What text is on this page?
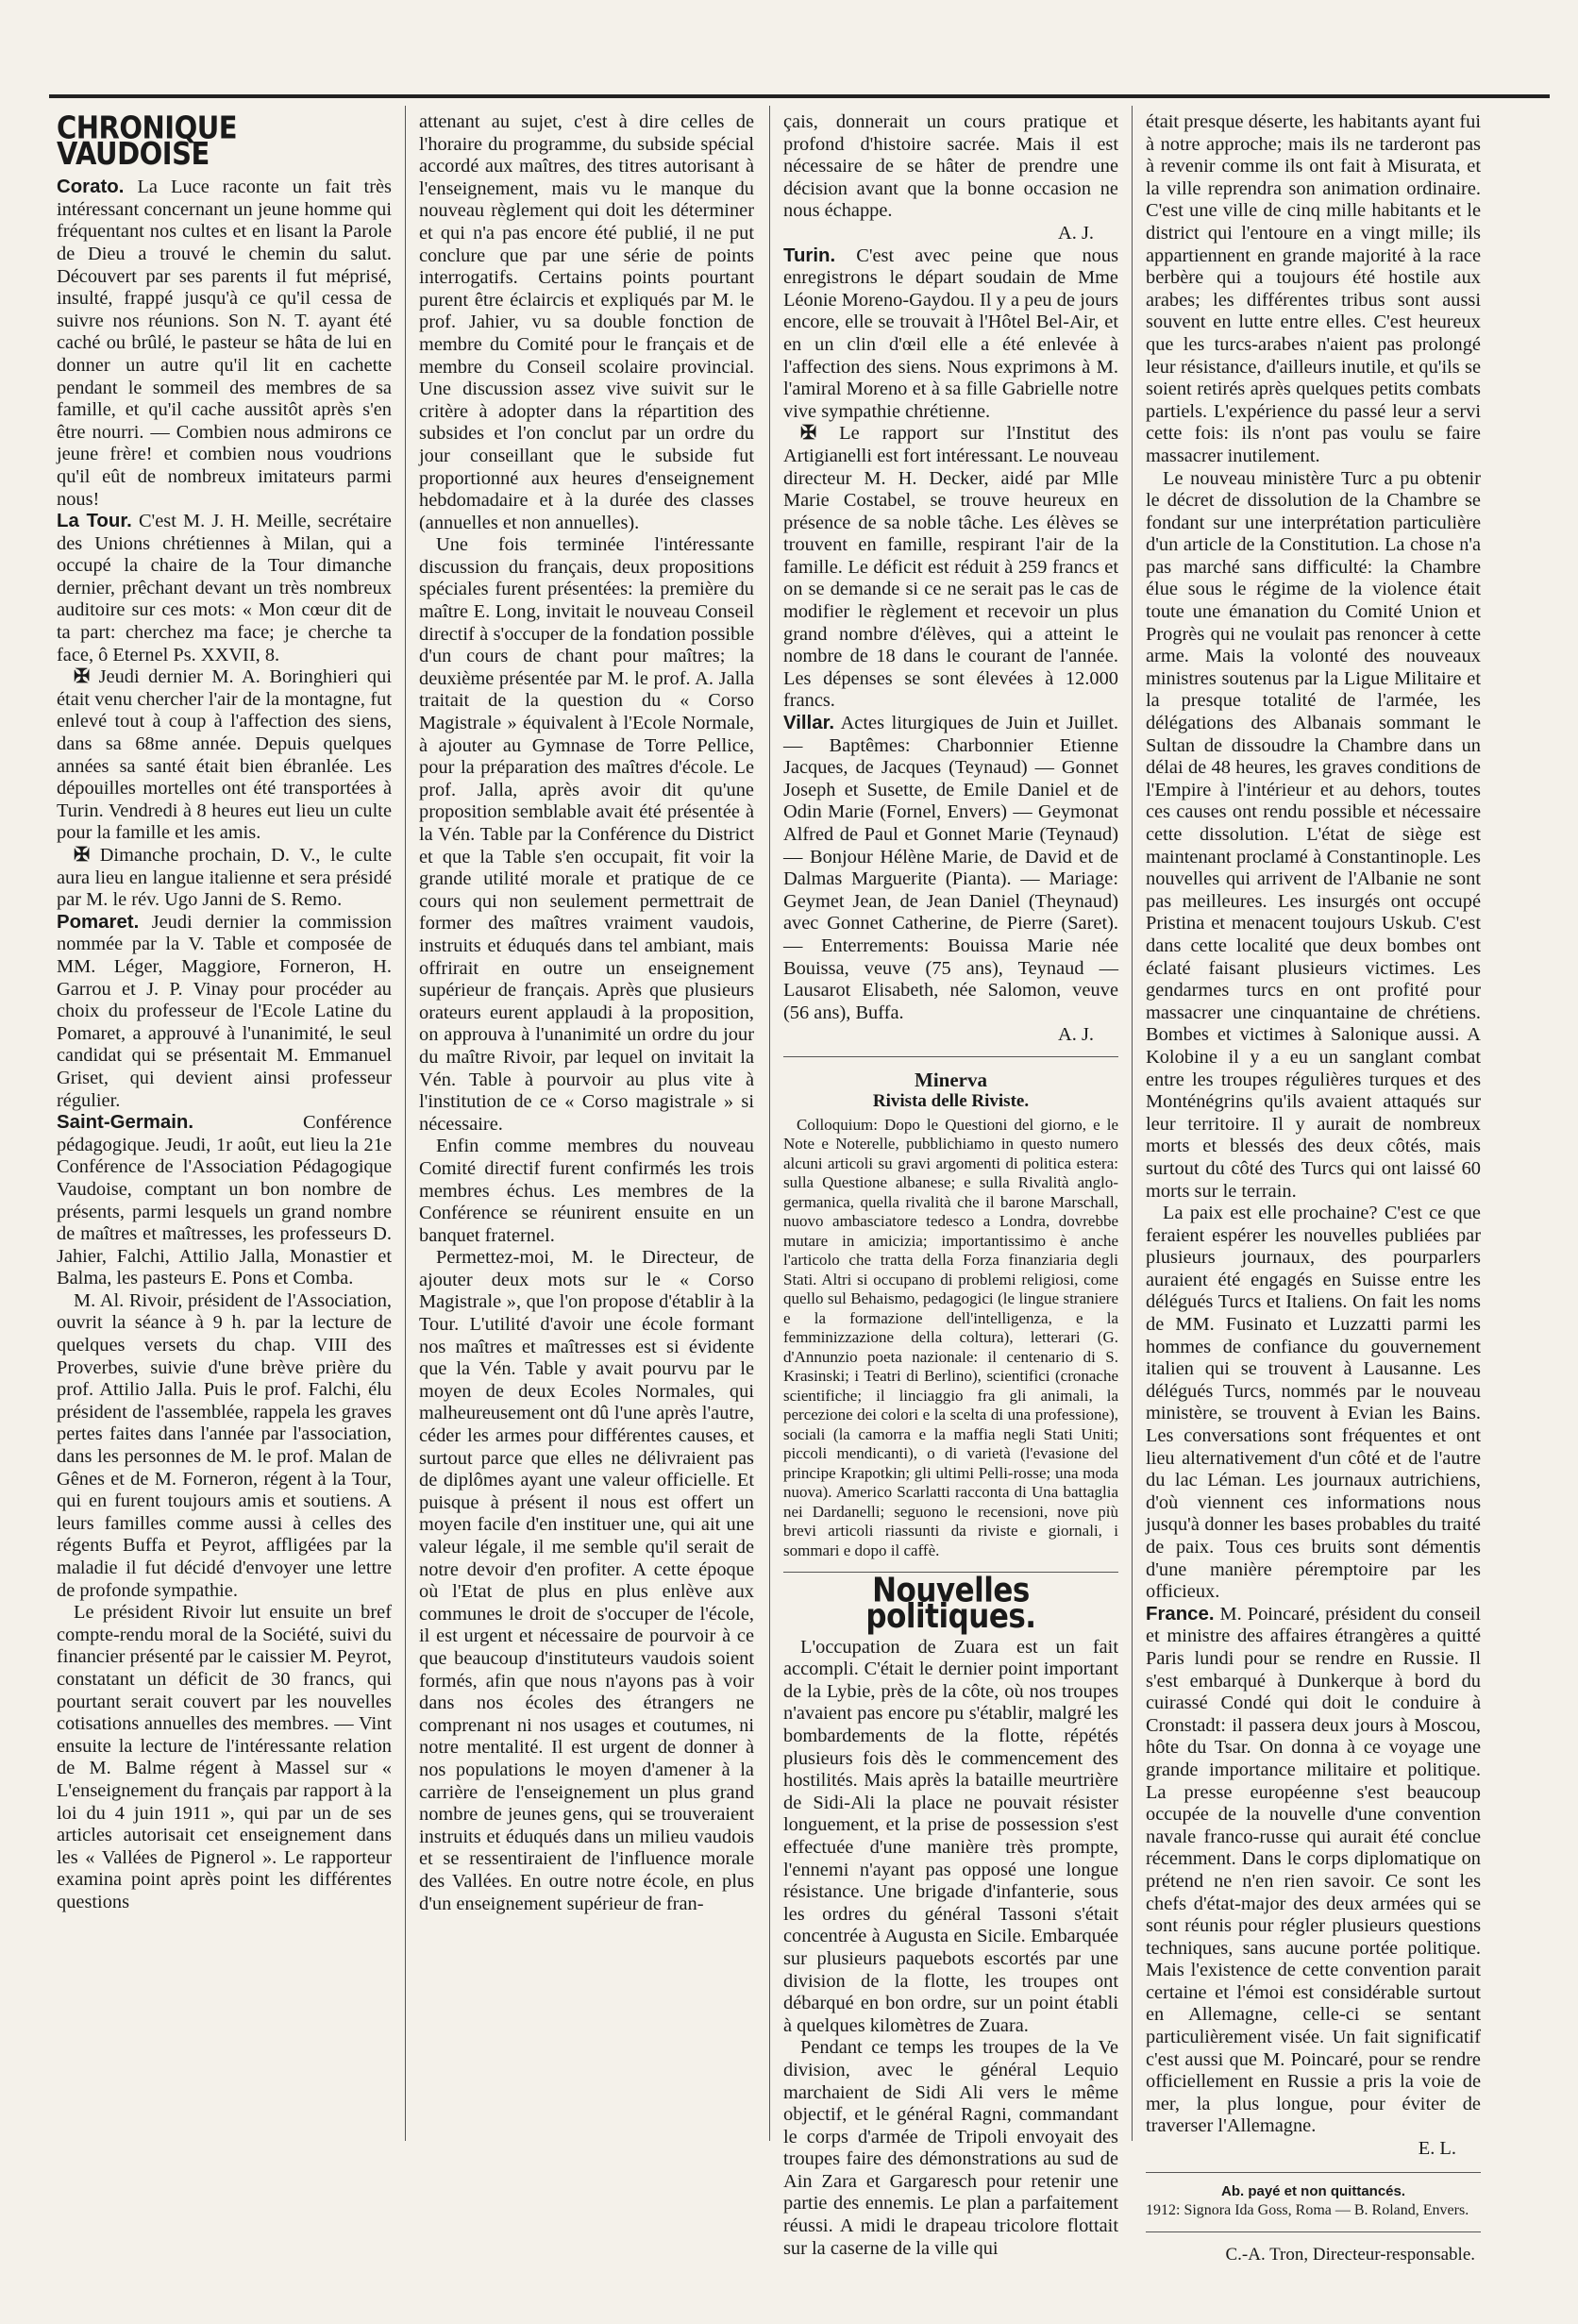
CHRONIQUE VAUDOISE

Corato. La Luce raconte un fait très intéressant concernant un jeune homme qui fréquentant nos cultes et en lisant la Parole de Dieu a trouvé le chemin du salut. Découvert par ses parents il fut méprisé, insulté, frappé jusqu'à ce qu'il cessa de suivre nos réunions. Son N. T. ayant été caché ou brûlé, le pasteur se hâta de lui en donner un autre qu'il lit en cachette pendant le sommeil des membres de sa famille, et qu'il cache aussitôt après s'en être nourri. — Combien nous admirons ce jeune frère! et combien nous voudrions qu'il eût de nombreux imitateurs parmi nous!

La Tour. C'est M. J. H. Meille, secrétaire des Unions chrétiennes à Milan, qui a occupé la chaire de la Tour dimanche dernier, prêchant devant un très nombreux auditoire sur ces mots: « Mon cœur dit de ta part: cherchez ma face; je cherche ta face, ô Eternel Ps. XXVII, 8.

✠ Jeudi dernier M. A. Boringhieri qui était venu chercher l'air de la montagne, fut enlevé tout à coup à l'affection des siens, dans sa 68me année. Depuis quelques années sa santé était bien ébranlée. Les dépouilles mortelles ont été transportées à Turin. Vendredi à 8 heures eut lieu un culte pour la famille et les amis.

✠ Dimanche prochain, D. V., le culte aura lieu en langue italienne et sera présidé par M. le rév. Ugo Janni de S. Remo.

Pomaret. Jeudi dernier la commission nommée par la V. Table et composée de MM. Léger, Maggiore, Forneron, H. Garrou et J. P. Vinay pour procéder au choix du professeur de l'Ecole Latine du Pomaret, a approuvé à l'unanimité, le seul candidat qui se présentait M. Emmanuel Griset, qui devient ainsi professeur régulier.

Saint-Germain.	Conférence pédagogique. Jeudi, 1r août, eut lieu la 21e Conférence de l'Association Pédagogique Vaudoise, comptant un bon nombre de présents, parmi lesquels un grand nombre de maîtres et maîtresses, les professeurs D. Jahier, Falchi, Attilio Jalla, Monastier et Balma, les pasteurs E. Pons et Comba.

M. Al. Rivoir, président de l'Association, ouvrit la séance à 9 h. par la lecture de quelques versets du chap. VIII des Proverbes, suivie d'une brève prière du prof. Attilio Jalla. Puis le prof. Falchi, élu président de l'assemblée, rappela les graves pertes faites dans l'année par l'association, dans les personnes de M. le prof. Malan de Gênes et de M. Forneron, régent à la Tour, qui en furent toujours amis et soutiens. A leurs familles comme aussi à celles des régents Buffa et Peyrot, affligées par la maladie il fut décidé d'envoyer une lettre de profonde sympathie.

Le président Rivoir lut ensuite un bref compte-rendu moral de la Société, suivi du financier présenté par le caissier M. Peyrot, constatant un déficit de 30 francs, qui pourtant serait couvert par les nouvelles cotisations annuelles des membres. — Vint ensuite la lecture de l'intéressante relation de M. Balme régent à Massel sur « L'enseignement du français par rapport à la loi du 4 juin 1911 », qui par un de ses articles autorisait cet enseignement dans les « Vallées de Pignerol ». Le rapporteur examina point après point les différentes questions

attenant au sujet, c'est à dire celles de l'horaire du programme, du subside spécial accordé aux maîtres, des titres autorisant à l'enseignement, mais vu le manque du nouveau règlement qui doit les déterminer et qui n'a pas encore été publié, il ne put conclure que par une série de points interrogatifs. Certains points pourtant purent être éclaircis et expliqués par M. le prof. Jahier, vu sa double fonction de membre du Comité pour le français et de membre du Conseil scolaire provincial. Une discussion assez vive suivit sur le critère à adopter dans la répartition des subsides et l'on conclut par un ordre du jour conseillant que le subside fut proportionné aux heures d'enseignement hebdomadaire et à la durée des classes (annuelles et non annuelles).

Une fois terminée l'intéressante discussion du français, deux propositions spéciales furent présentées: la première du maître E. Long, invitait le nouveau Conseil directif à s'occuper de la fondation possible d'un cours de chant pour maîtres; la deuxième présentée par M. le prof. A. Jalla traitait de la question du « Corso Magistrale » équivalent à l'Ecole Normale, à ajouter au Gymnase de Torre Pellice, pour la préparation des maîtres d'école. Le prof. Jalla, après avoir dit qu'une proposition semblable avait été présentée à la Vén. Table par la Conférence du District et que la Table s'en occupait, fit voir la grande utilité morale et pratique de ce cours qui non seulement permettrait de former des maîtres vraiment vaudois, instruits et éduqués dans tel ambiant, mais offrirait en outre un enseignement supérieur de français. Après que plusieurs orateurs eurent applaudi à la proposition, on approuva à l'unanimité un ordre du jour du maître Rivoir, par lequel on invitait la Vén. Table à pourvoir au plus vite à l'institution de ce « Corso magistrale » si nécessaire.

Enfin comme membres du nouveau Comité directif furent confirmés les trois membres échus. Les membres de la Conférence se réunirent ensuite en un banquet fraternel.

Permettez-moi, M. le Directeur, de ajouter deux mots sur le « Corso Magistrale », que l'on propose d'établir à la Tour. L'utilité d'avoir une école formant nos maîtres et maîtresses est si évidente que la Vén. Table y avait pourvu par le moyen de deux Ecoles Normales, qui malheureusement ont dû l'une après l'autre, céder les armes pour différentes causes, et surtout parce que elles ne délivraient pas de diplômes ayant une valeur officielle. Et puisque à présent il nous est offert un moyen facile d'en instituer une, qui ait une valeur légale, il me semble qu'il serait de notre devoir d'en profiter. A cette époque où l'Etat de plus en plus enlève aux communes le droit de s'occuper de l'école, il est urgent et nécessaire de pourvoir à ce que beaucoup d'instituteurs vaudois soient formés, afin que nous n'ayons pas à voir dans nos écoles des étrangers ne comprenant ni nos usages et coutumes, ni notre mentalité. Il est urgent de donner à nos populations le moyen d'amener à la carrière de l'enseignement un plus grand nombre de jeunes gens, qui se trouveraient instruits et éduqués dans un milieu vaudois et se ressentiraient de l'influence morale des Vallées. En outre notre école, en plus d'un enseignement supérieur de fran-

çais, donnerait un cours pratique et profond d'histoire sacrée. Mais il est nécessaire de se hâter de prendre une décision avant que la bonne occasion ne nous échappe.

A. J.

Turin. C'est avec peine que nous enregistrons le départ soudain de Mme Léonie Moreno-Gaydou. Il y a peu de jours encore, elle se trouvait à l'Hôtel Bel-Air, et en un clin d'œil elle a été enlevée à l'affection des siens. Nous exprimons à M. l'amiral Moreno et à sa fille Gabrielle notre vive sympathie chrétienne.

✠ Le rapport sur l'Institut des Artigianelli est fort intéressant. Le nouveau directeur M. H. Decker, aidé par Mlle Marie Costabel, se trouve heureux en présence de sa noble tâche. Les élèves se trouvent en famille, respirant l'air de la famille. Le déficit est réduit à 259 francs et on se demande si ce ne serait pas le cas de modifier le règlement et recevoir un plus grand nombre d'élèves, qui a atteint le nombre de 18 dans le courant de l'année. Les dépenses se sont élevées à 12.000 francs.

Villar. Actes liturgiques de Juin et Juillet. — Baptêmes: Charbonnier Etienne Jacques, de Jacques (Teynaud) — Gonnet Joseph et Susette, de Emile Daniel et de Odin Marie (Fornel, Envers) — Geymonat Alfred de Paul et Gonnet Marie (Teynaud) — Bonjour Hélène Marie, de David et de Dalmas Marguerite (Pianta). — Mariage: Geymet Jean, de Jean Daniel (Theynaud) avec Gonnet Catherine, de Pierre (Saret). — Enterrements: Bouissa Marie née Bouissa, veuve (75 ans), Teynaud — Lausarot Elisabeth, née Salomon, veuve (56 ans), Buffa.

A. J.
Minerva
Rivista delle Riviste.

Colloquium: Dopo le Questioni del giorno, e le Note e Noterelle, pubblichiamo in questo numero alcuni articoli su gravi argomenti di politica estera: sulla Questione albanese; e sulla Rivalità anglo-germanica, quella rivalità che il barone Marschall, nuovo ambasciatore tedesco a Londra, dovrebbe mutare in amicizia; importantissimo è anche l'articolo che tratta della Forza finanziaria degli Stati. Altri si occupano di problemi religiosi, come quello sul Behaismo, pedagogici (le lingue straniere e la formazione dell'intelligenza, e la femminizzazione della coltura), letterari (G. d'Annunzio poeta nazionale: il centenario di S. Krasinski; i Teatri di Berlino), scientifici (cronache scientifiche; il linciaggio fra gli animali, la percezione dei colori e la scelta di una professione), sociali (la camorra e la maffia negli Stati Uniti; piccoli mendicanti), o di varietà (l'evasione del principe Krapotkin; gli ultimi Pelli-rosse; una moda nuova). Americo Scarlatti racconta di Una battaglia nei Dardanelli; seguono le recensioni, nove più brevi articoli riassunti da riviste e giornali, i sommari e dopo il caffè.

Nouvelles politiques.

L'occupation de Zuara est un fait accompli. C'était le dernier point important de la Lybie, près de la côte, où nos troupes n'avaient pas encore pu s'établir, malgré les bombardements de la flotte, répétés plusieurs fois dès le commencement des hostilités. Mais après la bataille meurtrière de Sidi-Ali la place ne pouvait résister longuement, et la prise de possession s'est effectuée d'une manière très prompte, l'ennemi n'ayant pas opposé une longue résistance. Une brigade d'infanterie, sous les ordres du général Tassoni s'était concentrée à Augusta en Sicile. Embarquée sur plusieurs paquebots escortés par une division de la flotte, les troupes ont débarqué en bon ordre, sur un point établi à quelques kilomètres de Zuara.

Pendant ce temps les troupes de la Ve division, avec le général Lequio marchaient de Sidi Ali vers le même objectif, et le général Ragni, commandant le corps d'armée de Tripoli envoyait des troupes faire des démonstrations au sud de Ain Zara et Gargaresch pour retenir une partie des ennemis. Le plan a parfaitement réussi. A midi le drapeau tricolore flottait sur la caserne de la ville qui

était presque déserte, les habitants ayant fui à notre approche; mais ils ne tarderont pas à revenir comme ils ont fait à Misurata, et la ville reprendra son animation ordinaire. C'est une ville de cinq mille habitants et le district qui l'entoure en a vingt mille; ils appartiennent en grande majorité à la race berbère qui a toujours été hostile aux arabes; les différentes tribus sont aussi souvent en lutte entre elles. C'est heureux que les turcs-arabes n'aient pas prolongé leur résistance, d'ailleurs inutile, et qu'ils se soient retirés après quelques petits combats partiels. L'expérience du passé leur a servi cette fois: ils n'ont pas voulu se faire massacrer inutilement.

Le nouveau ministère Turc a pu obtenir le décret de dissolution de la Chambre se fondant sur une interprétation particulière d'un article de la Constitution. La chose n'a pas marché sans difficulté: la Chambre élue sous le régime de la violence était toute une émanation du Comité Union et Progrès qui ne voulait pas renoncer à cette arme. Mais la volonté des nouveaux ministres soutenus par la Ligue Militaire et la presque totalité de l'armée, les délégations des Albanais sommant le Sultan de dissoudre la Chambre dans un délai de 48 heures, les graves conditions de l'Empire à l'intérieur et au dehors, toutes ces causes ont rendu possible et nécessaire cette dissolution. L'état de siège est maintenant proclamé à Constantinople. Les nouvelles qui arrivent de l'Albanie ne sont pas meilleures. Les insurgés ont occupé Pristina et menacent toujours Uskub. C'est dans cette localité que deux bombes ont éclaté faisant plusieurs victimes. Les gendarmes turcs en ont profité pour massacrer une cinquantaine de chrétiens. Bombes et victimes à Salonique aussi. A Kolobine il y a eu un sanglant combat entre les troupes régulières turques et des Monténégrins qu'ils avaient attaqués sur leur territoire. Il y aurait de nombreux morts et blessés des deux côtés, mais surtout du côté des Turcs qui ont laissé 60 morts sur le terrain.

La paix est elle prochaine? C'est ce que feraient espérer les nouvelles publiées par plusieurs journaux, des pourparlers auraient été engagés en Suisse entre les délégués Turcs et Italiens. On fait les noms de MM. Fusinato et Luzzatti parmi les hommes de confiance du gouvernement italien qui se trouvent à Lausanne. Les délégués Turcs, nommés par le nouveau ministère, se trouvent à Evian les Bains. Les conversations sont fréquentes et ont lieu alternativement d'un côté et de l'autre du lac Léman. Les journaux autrichiens, d'où viennent ces informations nous jusqu'à donner les bases probables du traité de paix. Tous ces bruits sont démentis d'une manière péremptoire par les officieux.

France. M. Poincaré, président du conseil et ministre des affaires étrangères a quitté Paris lundi pour se rendre en Russie. Il s'est embarqué à Dunkerque à bord du cuirassé Condé qui doit le conduire à Cronstadt: il passera deux jours à Moscou, hôte du Tsar. On donna à ce voyage une grande importance militaire et politique. La presse européenne s'est beaucoup occupée de la nouvelle d'une convention navale franco-russe qui aurait été conclue récemment. Dans le corps diplomatique on prétend ne n'en rien savoir. Ce sont les chefs d'état-major des deux armées qui se sont réunis pour régler plusieurs questions techniques, sans aucune portée politique. Mais l'existence de cette convention parait certaine et l'émoi est considérable surtout en Allemagne, celle-ci se sentant particulièrement visée. Un fait significatif c'est aussi que M. Poincaré, pour se rendre officiellement en Russie a pris la voie de mer, la plus longue, pour éviter de traverser l'Allemagne.

E. L.
Ab. payé et non quittancés.
1912: Signora Ida Goss, Roma — B. Roland, Envers.
C.-A. Tron, Directeur-responsable.
